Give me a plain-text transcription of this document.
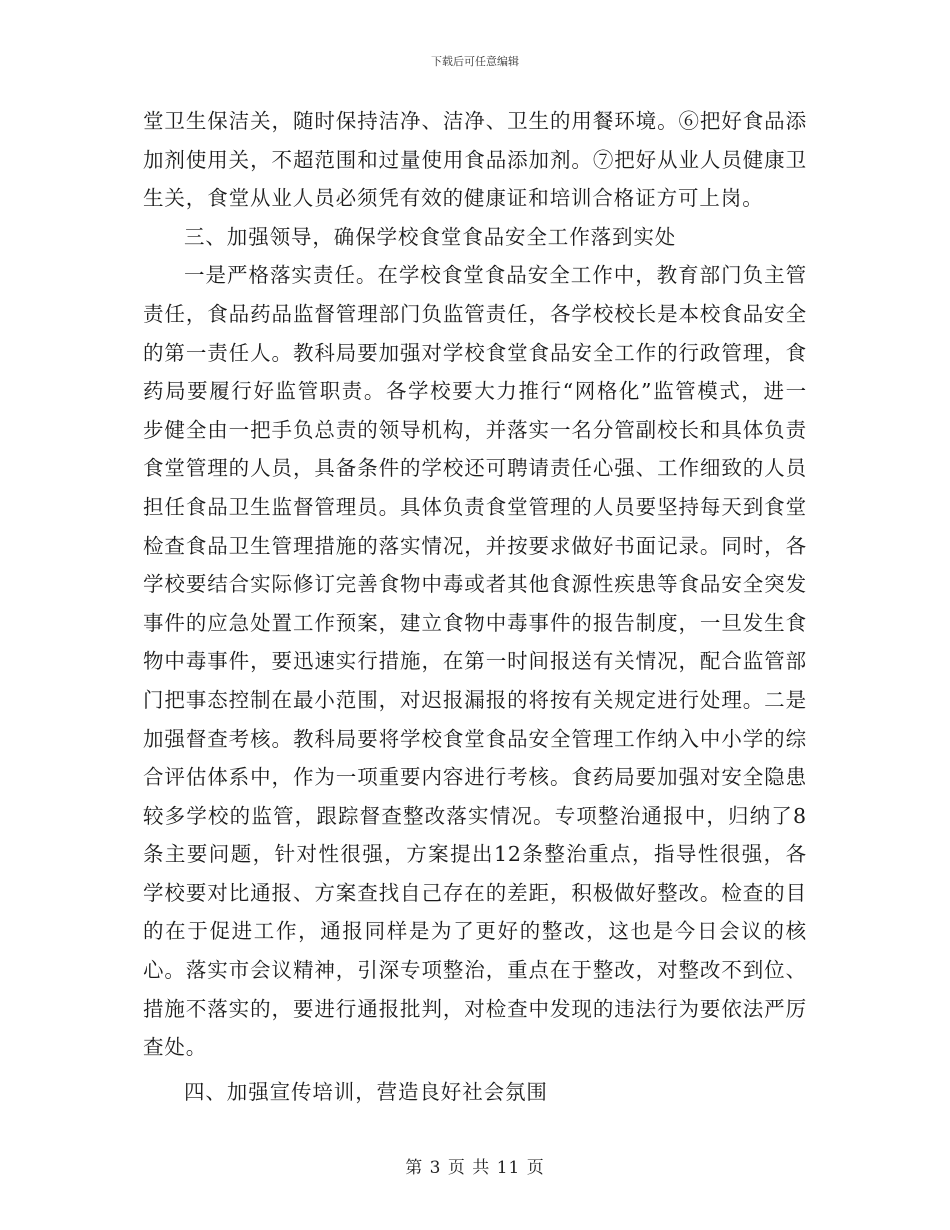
下载后可任意编辑

堂卫生保洁关，随时保持洁净、洁净、卫生的用餐环境。⑥把好食品添加剂使用关，不超范围和过量使用食品添加剂。⑦把好从业人员健康卫生关，食堂从业人员必须凭有效的健康证和培训合格证方可上岗。

三、加强领导，确保学校食堂食品安全工作落到实处

一是严格落实责任。在学校食堂食品安全工作中，教育部门负主管责任，食品药品监督管理部门负监管责任，各学校校长是本校食品安全的第一责任人。教科局要加强对学校食堂食品安全工作的行政管理，食药局要履行好监管职责。各学校要大力推行“网格化”监管模式，进一步健全由一把手负总责的领导机构，并落实一名分管副校长和具体负责食堂管理的人员，具备条件的学校还可聘请责任心强、工作细致的人员担任食品卫生监督管理员。具体负责食堂管理的人员要坚持每天到食堂检查食品卫生管理措施的落实情况，并按要求做好书面记录。同时，各学校要结合实际修订完善食物中毒或者其他食源性疾患等食品安全突发事件的应急处置工作预案，建立食物中毒事件的报告制度，一旦发生食物中毒事件，要迅速实行措施，在第一时间报送有关情况，配合监管部门把事态控制在最小范围，对迟报漏报的将按有关规定进行处理。二是加强督查考核。教科局要将学校食堂食品安全管理工作纳入中小学的综合评估体系中，作为一项重要内容进行考核。食药局要加强对安全隐患较多学校的监管，跟踪督查整改落实情况。专项整治通报中，归纳了8条主要问题，针对性很强，方案提出12条整治重点，指导性很强，各学校要对比通报、方案查找自己存在的差距，积极做好整改。检查的目的在于促进工作，通报同样是为了更好的整改，这也是今日会议的核心。落实市会议精神，引深专项整治，重点在于整改，对整改不到位、措施不落实的，要进行通报批判，对检查中发现的违法行为要依法严厉查处。

四、加强宣传培训，营造良好社会氛围

第 3 页 共 11 页
